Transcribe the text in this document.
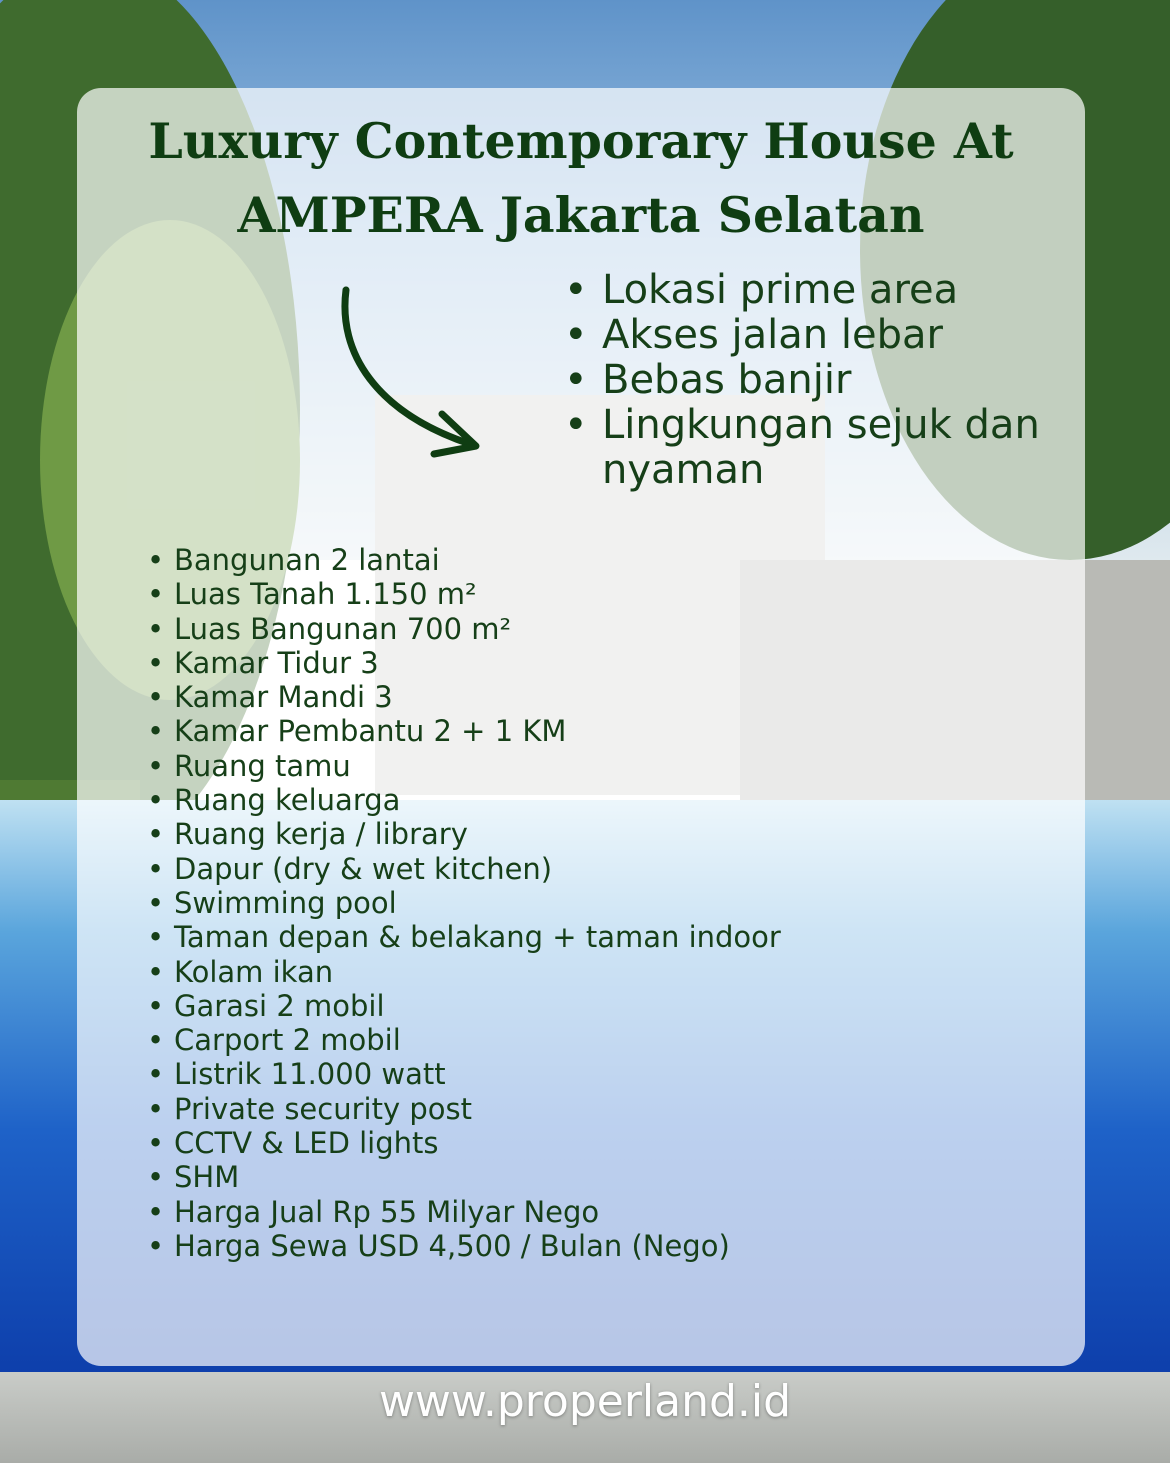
Luxury Contemporary House At
AMPERA Jakarta Selatan
• Lokasi prime area
• Akses jalan lebar
• Bebas banjir
• Lingkungan sejuk dan nyaman
• Bangunan 2 lantai
• Luas Tanah 1.150 m²
• Luas Bangunan 700 m²
• Kamar Tidur 3
• Kamar Mandi 3
• Kamar Pembantu 2 + 1 KM
• Ruang tamu
• Ruang keluarga
• Ruang kerja / library
• Dapur (dry & wet kitchen)
• Swimming pool
• Taman depan & belakang + taman indoor
• Kolam ikan
• Garasi 2 mobil
• Carport 2 mobil
• Listrik 11.000 watt
• Private security post
• CCTV & LED lights
• SHM
• Harga Jual Rp 55 Milyar Nego
• Harga Sewa USD 4,500 / Bulan (Nego)
www.properland.id
